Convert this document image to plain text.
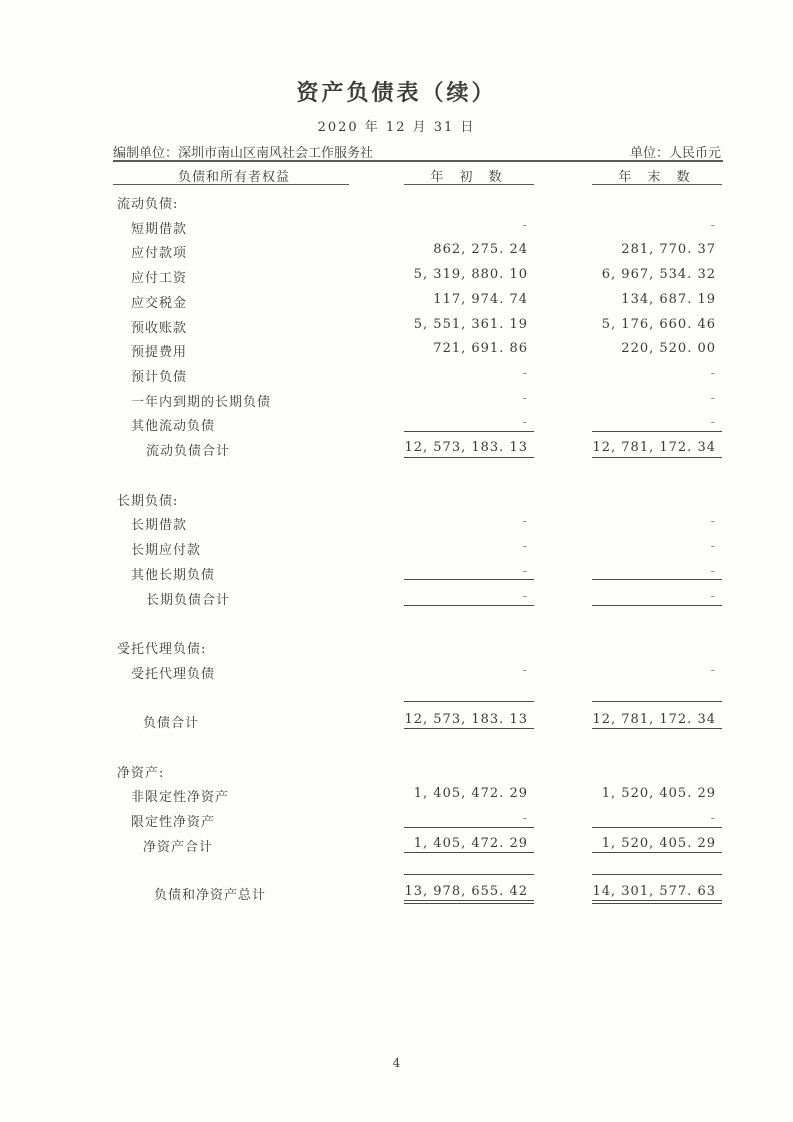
资产负债表（续）
2020 年 12 月 31 日
编制单位：深圳市南山区南风社会工作服务社	单位：人民币元
负债和所有者权益	年 初 数	年 末 数
流动负债:
短期借款	-	-
应付款项	862, 275. 24	281, 770. 37
应付工资	5, 319, 880. 10	6, 967, 534. 32
应交税金	117, 974. 74	134, 687. 19
预收账款	5, 551, 361. 19	5, 176, 660. 46
预提费用	721, 691. 86	220, 520. 00
预计负债	-	-
一年内到期的长期负债	-	-
其他流动负债	-	-
流动负债合计	12, 573, 183. 13	12, 781, 172. 34
长期负债:
长期借款	-	-
长期应付款	-	-
其他长期负债	-	-
长期负债合计	-	-
受托代理负债:
受托代理负债	-	-
负债合计	12, 573, 183. 13	12, 781, 172. 34
净资产:
非限定性净资产	1, 405, 472. 29	1, 520, 405. 29
限定性净资产	-	-
净资产合计	1, 405, 472. 29	1, 520, 405. 29
负债和净资产总计	13, 978, 655. 42	14, 301, 577. 63
4
